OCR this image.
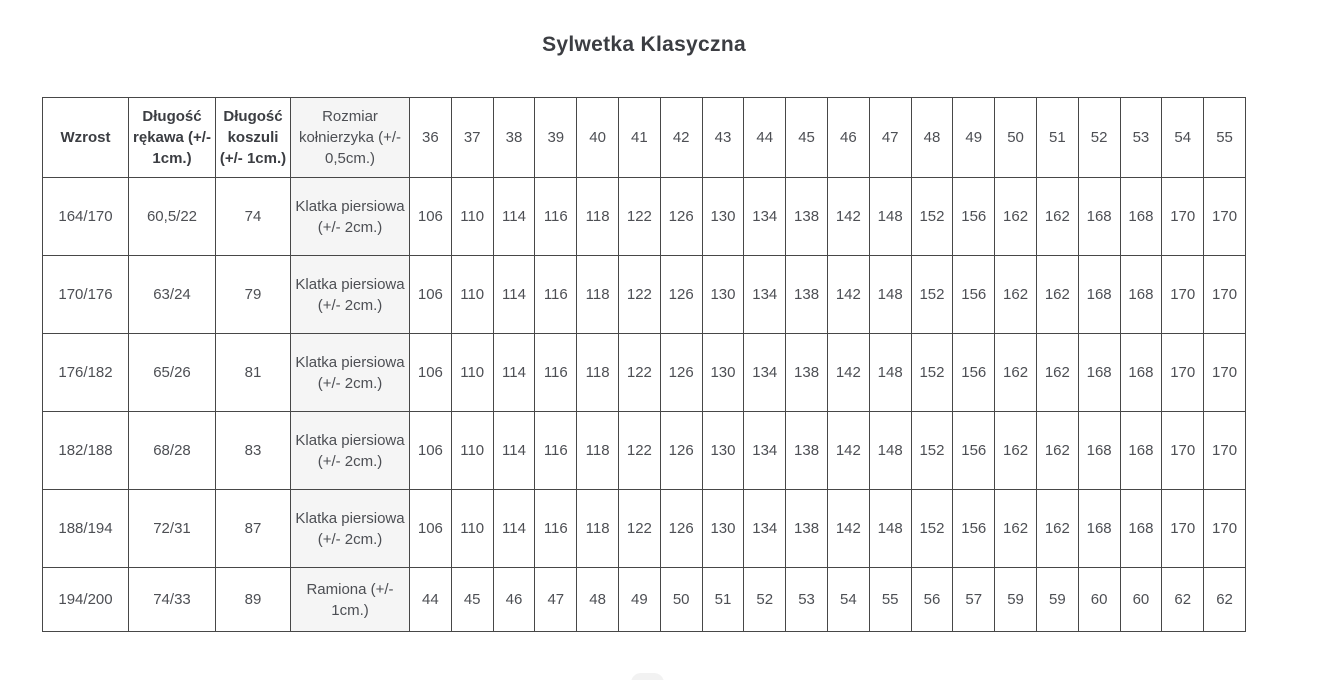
Sylwetka Klasyczna
Wzrost	Długość rękawa (+/- 1cm.)	Długość koszuli (+/- 1cm.)	Rozmiar kołnierzyka (+/- 0,5cm.)	36	37	38	39	40	41	42	43	44	45	46	47	48	49	50	51	52	53	54	55
164/170	60,5/22	74	Klatka piersiowa (+/- 2cm.)	106	110	114	116	118	122	126	130	134	138	142	148	152	156	162	162	168	168	170	170
170/176	63/24	79	Klatka piersiowa (+/- 2cm.)	106	110	114	116	118	122	126	130	134	138	142	148	152	156	162	162	168	168	170	170
176/182	65/26	81	Klatka piersiowa (+/- 2cm.)	106	110	114	116	118	122	126	130	134	138	142	148	152	156	162	162	168	168	170	170
182/188	68/28	83	Klatka piersiowa (+/- 2cm.)	106	110	114	116	118	122	126	130	134	138	142	148	152	156	162	162	168	168	170	170
188/194	72/31	87	Klatka piersiowa (+/- 2cm.)	106	110	114	116	118	122	126	130	134	138	142	148	152	156	162	162	168	168	170	170
194/200	74/33	89	Ramiona (+/- 1cm.)	44	45	46	47	48	49	50	51	52	53	54	55	56	57	59	59	60	60	62	62
